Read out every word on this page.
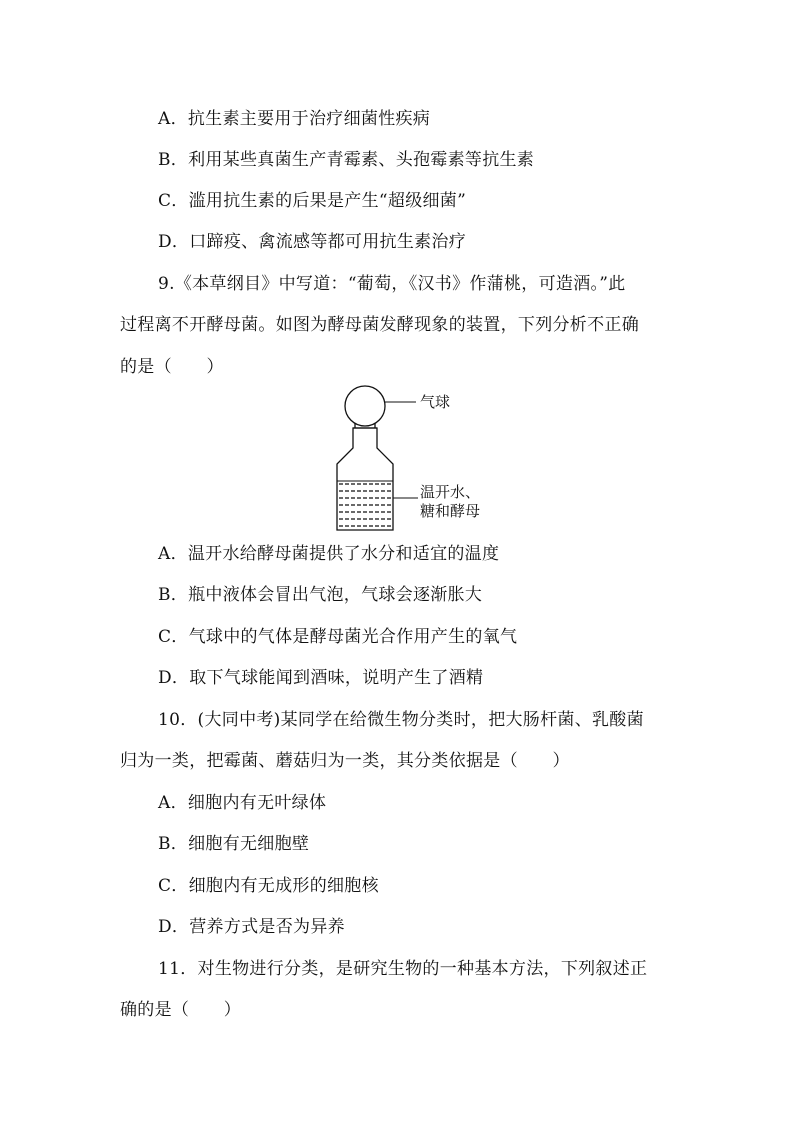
A．抗生素主要用于治疗细菌性疾病
B．利用某些真菌生产青霉素、头孢霉素等抗生素
C．滥用抗生素的后果是产生“超级细菌”
D．口蹄疫、禽流感等都可用抗生素治疗
9.《本草纲目》中写道：“葡萄，《汉书》作蒲桃，可造酒。”此
过程离不开酵母菌。如图为酵母菌发酵现象的装置，下列分析不正确
的是（　　）
气球
温开水、
糖和酵母
A．温开水给酵母菌提供了水分和适宜的温度
B．瓶中液体会冒出气泡，气球会逐渐胀大
C．气球中的气体是酵母菌光合作用产生的氧气
D．取下气球能闻到酒味，说明产生了酒精
10．(大同中考)某同学在给微生物分类时，把大肠杆菌、乳酸菌
归为一类，把霉菌、蘑菇归为一类，其分类依据是（　　）
A．细胞内有无叶绿体
B．细胞有无细胞壁
C．细胞内有无成形的细胞核
D．营养方式是否为异养
11．对生物进行分类，是研究生物的一种基本方法，下列叙述正
确的是（　　）
